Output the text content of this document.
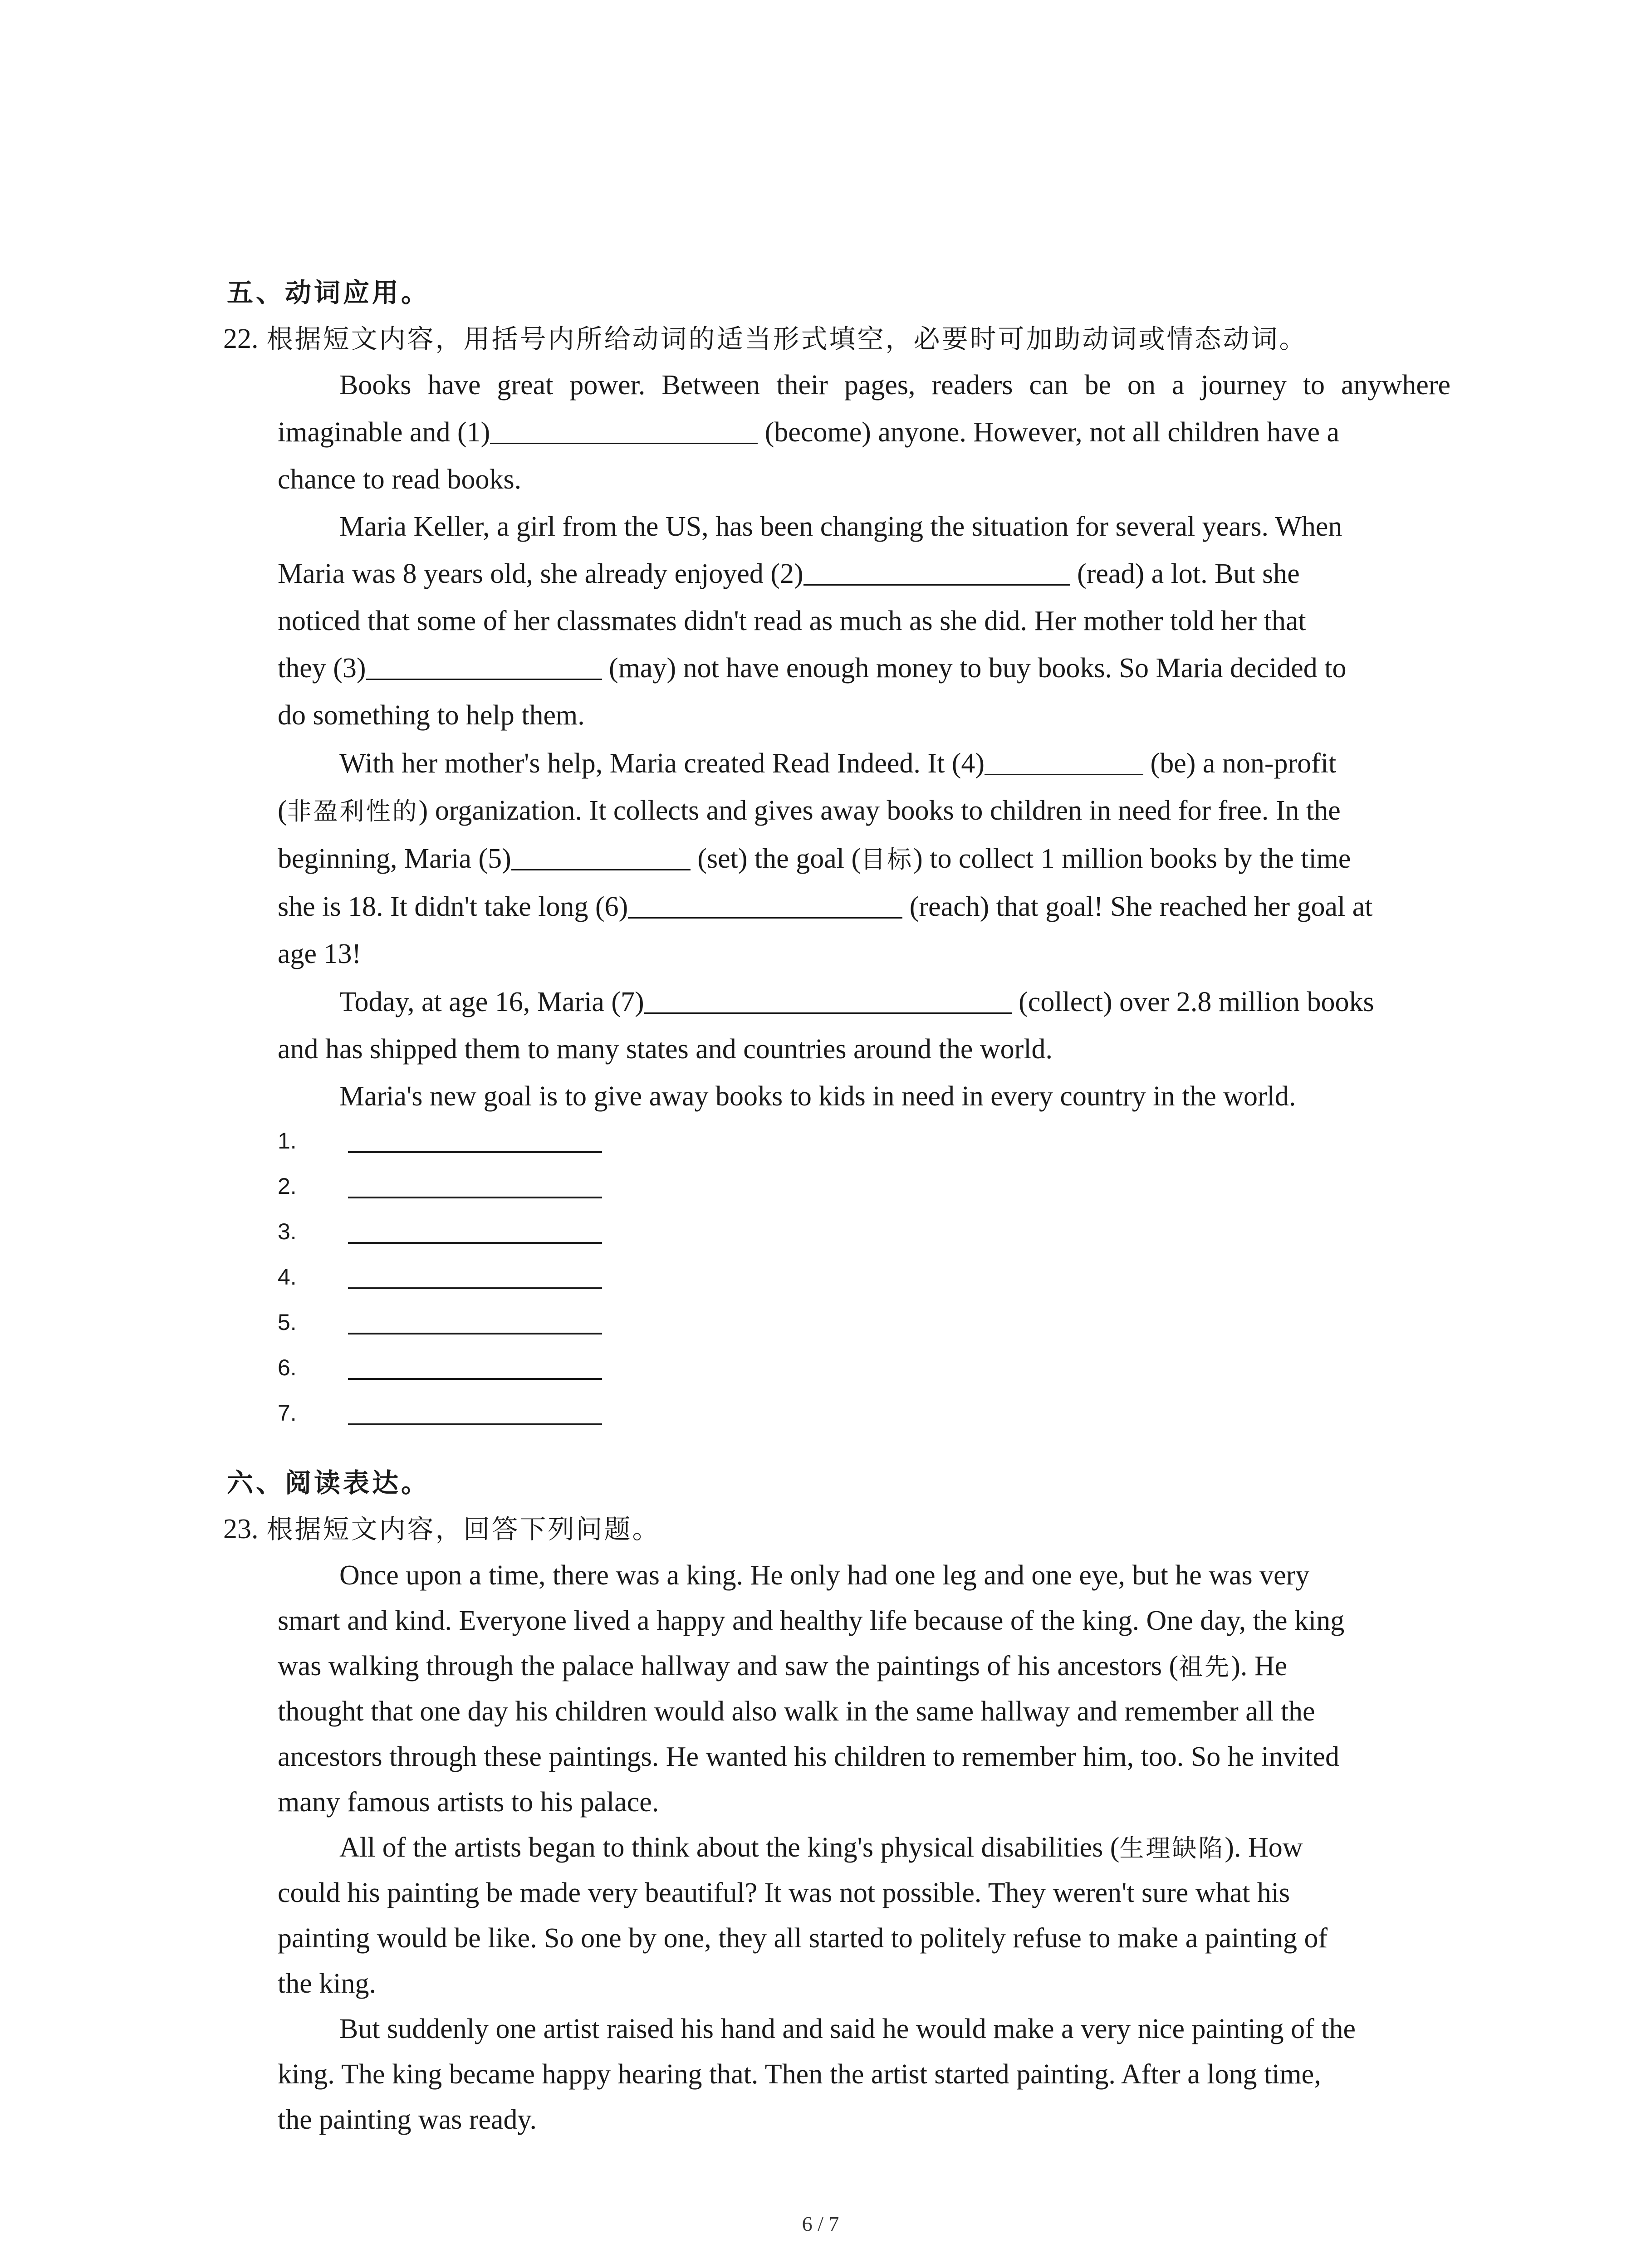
五、动词应用。
22. 根据短文内容，用括号内所给动词的适当形式填空，必要时可加助动词或情态动词。
Books have great power. Between their pages, readers can be on a journey to anywhere
imaginable and (1)	(become) anyone. However, not all children have a
chance to read books.
Maria Keller, a girl from the US, has been changing the situation for several years. When
Maria was 8 years old, she already enjoyed (2)	(read) a lot. But she
noticed that some of her classmates didn't read as much as she did. Her mother told her that
they (3)	(may) not have enough money to buy books. So Maria decided to
do something to help them.
With her mother's help, Maria created Read Indeed. It (4)	(be) a non-profit
(非盈利性的) organization. It collects and gives away books to children in need for free. In the
beginning, Maria (5)	(set) the goal (目标) to collect 1 million books by the time
she is 18. It didn't take long (6)	(reach) that goal! She reached her goal at
age 13!
Today, at age 16, Maria (7)	(collect) over 2.8 million books
and has shipped them to many states and countries around the world.
Maria's new goal is to give away books to kids in need in every country in the world.
1.
2.
3.
4.
5.
6.
7.
六、阅读表达。
23. 根据短文内容，回答下列问题。
Once upon a time, there was a king. He only had one leg and one eye, but he was very
smart and kind. Everyone lived a happy and healthy life because of the king. One day, the king
was walking through the palace hallway and saw the paintings of his ancestors (祖先). He
thought that one day his children would also walk in the same hallway and remember all the
ancestors through these paintings. He wanted his children to remember him, too. So he invited
many famous artists to his palace.
All of the artists began to think about the king's physical disabilities (生理缺陷). How
could his painting be made very beautiful? It was not possible. They weren't sure what his
painting would be like. So one by one, they all started to politely refuse to make a painting of
the king.
But suddenly one artist raised his hand and said he would make a very nice painting of the
king. The king became happy hearing that. Then the artist started painting. After a long time,
the painting was ready.
6 / 7
